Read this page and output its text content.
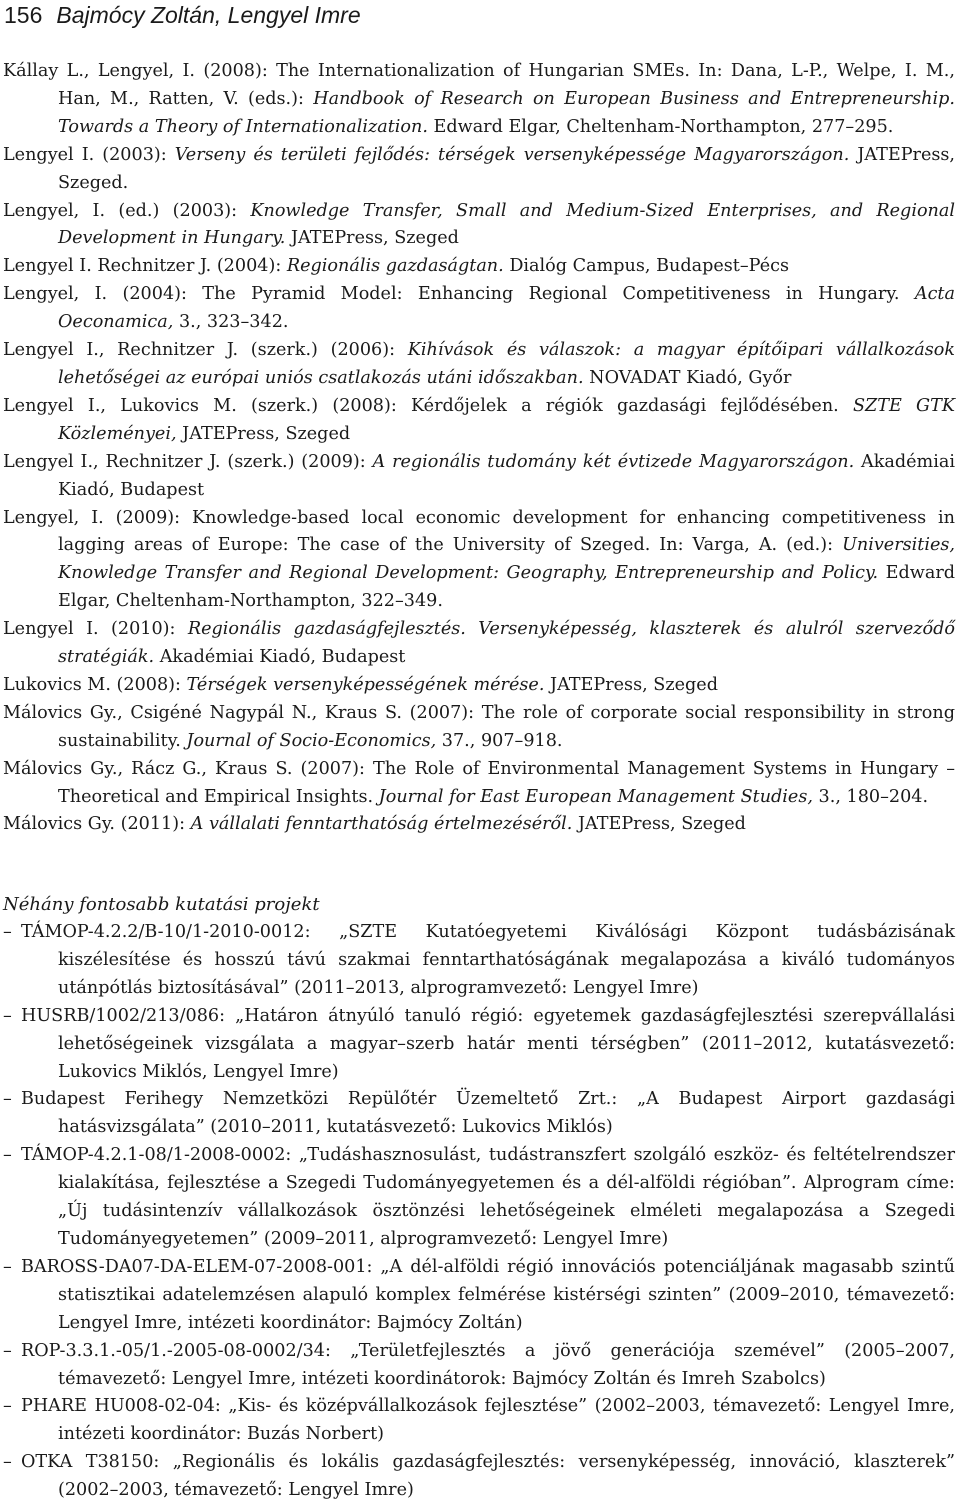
156 Bajmócy Zoltán, Lengyel Imre
Kállay L., Lengyel, I. (2008): The Internationalization of Hungarian SMEs. In: Dana, L-P., Welpe, I. M., Han, M., Ratten, V. (eds.): Handbook of Research on European Business and Entrepreneurship. Towards a Theory of Internationalization. Edward Elgar, Cheltenham-Northampton, 277–295.
Lengyel I. (2003): Verseny és területi fejlődés: térségek versenyképessége Magyarországon. JATEPress, Szeged.
Lengyel, I. (ed.) (2003): Knowledge Transfer, Small and Medium-Sized Enterprises, and Regional Development in Hungary. JATEPress, Szeged
Lengyel I. Rechnitzer J. (2004): Regionális gazdaságtan. Dialóg Campus, Budapest–Pécs
Lengyel, I. (2004): The Pyramid Model: Enhancing Regional Competitiveness in Hungary. Acta Oeconamica, 3., 323–342.
Lengyel I., Rechnitzer J. (szerk.) (2006): Kihívások és válaszok: a magyar építőipari vállalkozások lehetőségei az európai uniós csatlakozás utáni időszakban. NOVADAT Kiadó, Győr
Lengyel I., Lukovics M. (szerk.) (2008): Kérdőjelek a régiók gazdasági fejlődésében. SZTE GTK Közleményei, JATEPress, Szeged
Lengyel I., Rechnitzer J. (szerk.) (2009): A regionális tudomány két évtizede Magyarországon. Akadémiai Kiadó, Budapest
Lengyel, I. (2009): Knowledge-based local economic development for enhancing competitiveness in lagging areas of Europe: The case of the University of Szeged. In: Varga, A. (ed.): Universities, Knowledge Transfer and Regional Development: Geography, Entrepreneurship and Policy. Edward Elgar, Cheltenham-Northampton, 322–349.
Lengyel I. (2010): Regionális gazdaságfejlesztés. Versenyképesség, klaszterek és alulról szerveződő stratégiák. Akadémiai Kiadó, Budapest
Lukovics M. (2008): Térségek versenyképességének mérése. JATEPress, Szeged
Málovics Gy., Csigéné Nagypál N., Kraus S. (2007): The role of corporate social responsibility in strong sustainability. Journal of Socio-Economics, 37., 907–918.
Málovics Gy., Rácz G., Kraus S. (2007): The Role of Environmental Management Systems in Hungary – Theoretical and Empirical Insights. Journal for East European Management Studies, 3., 180–204.
Málovics Gy. (2011): A vállalati fenntarthatóság értelmezéséről. JATEPress, Szeged
Néhány fontosabb kutatási projekt
– TÁMOP-4.2.2/B-10/1-2010-0012: „SZTE Kutatóegyetemi Kiválósági Központ tudásbázisának kiszélesítése és hosszú távú szakmai fenntarthatóságának megalapozása a kiváló tudományos utánpótlás biztosításával” (2011–2013, alprogramvezető: Lengyel Imre)
– HUSRB/1002/213/086: „Határon átnyúló tanuló régió: egyetemek gazdaságfejlesztési szerepvállalási lehetőségeinek vizsgálata a magyar–szerb határ menti térségben” (2011–2012, kutatásvezető: Lukovics Miklós, Lengyel Imre)
– Budapest Ferihegy Nemzetközi Repülőtér Üzemeltető Zrt.: „A Budapest Airport gazdasági hatásvizsgálata” (2010–2011, kutatásvezető: Lukovics Miklós)
– TÁMOP-4.2.1-08/1-2008-0002: „Tudáshasznosulást, tudástranszfert szolgáló eszköz- és feltételrendszer kialakítása, fejlesztése a Szegedi Tudományegyetemen és a dél-alföldi régióban”. Alprogram címe: „Új tudásintenzív vállalkozások ösztönzési lehetőségeinek elméleti megalapozása a Szegedi Tudományegyetemen” (2009–2011, alprogramvezető: Lengyel Imre)
– BAROSS-DA07-DA-ELEM-07-2008-001: „A dél-alföldi régió innovációs potenciáljának magasabb szintű statisztikai adatelemzésen alapuló komplex felmérése kistérségi szinten” (2009–2010, témavezető: Lengyel Imre, intézeti koordinátor: Bajmócy Zoltán)
– ROP-3.3.1.-05/1.-2005-08-0002/34: „Területfejlesztés a jövő generációja szemével” (2005–2007, témavezető: Lengyel Imre, intézeti koordinátorok: Bajmócy Zoltán és Imreh Szabolcs)
– PHARE HU008-02-04: „Kis- és középvállalkozások fejlesztése” (2002–2003, témavezető: Lengyel Imre, intézeti koordinátor: Buzás Norbert)
– OTKA T38150: „Regionális és lokális gazdaságfejlesztés: versenyképesség, innováció, klaszterek” (2002–2003, témavezető: Lengyel Imre)
